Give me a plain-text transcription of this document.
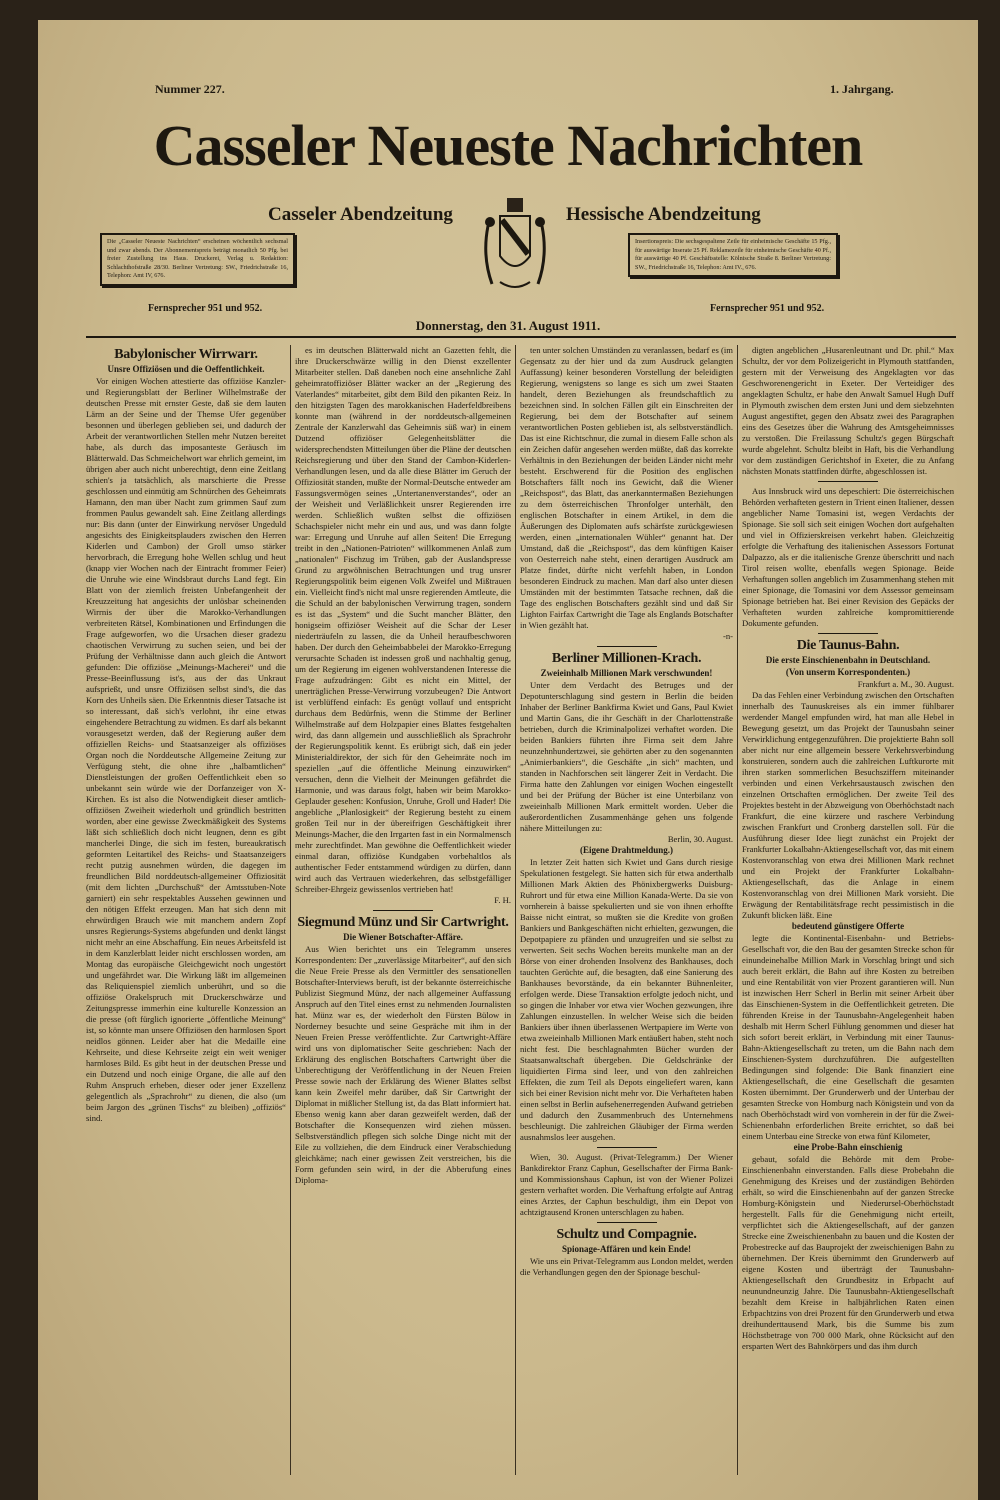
Nummer 227.	1. Jahrgang.
Casseler Neueste Nachrichten
Casseler Abendzeitung	Hessische Abendzeitung
Die „Casseler Neueste Nachrichten“ erscheinen wöchentlich sechsmal und zwar abends. Der Abonnementspreis beträgt monatlich 50 Pfg. bei freier Zustellung ins Haus. Druckerei, Verlag u. Redaktion: Schlachthofstraße 28/30. Berliner Vertretung: SW., Friedrichstraße 16, Telephon: Amt IV, 676.
Insertionspreis: Die sechsgespaltene Zeile für einheimische Geschäfte 15 Pfg., für auswärtige Inserate 25 Pf. Reklamezeile für einheimische Geschäfte 40 Pf., für auswärtige 40 Pf. Geschäftsstelle: Kölnische Straße 8. Berliner Vertretung: SW., Friedrichstraße 16, Telephon: Amt IV., 676.
Fernsprecher 951 und 952.	Fernsprecher 951 und 952.
Donnerstag, den 31. August 1911.
Babylonischer Wirrwarr.
Unsre Offiziösen und die Oeffentlichkeit.

Vor einigen Wochen attestierte das offiziöse Kanzler- und Regierungsblatt der Berliner Wilhelmstraße der deutschen Presse mit ernster Geste, daß sie dem lauten Lärm an der Seine und der Themse Ufer gegenüber besonnen und überlegen geblieben sei, und dadurch der Arbeit der verantwortlichen Stellen mehr Nutzen bereitet habe, als durch das imposanteste Geräusch im Blätterwald. Das Schmeichelwort war ehrlich gemeint, im übrigen aber auch nicht unberechtigt, denn eine Zeitlang schien's ja tatsächlich, als marschierte die Presse geschlossen und einmütig am Schnürchen des Geheimrats Hamann, den man über Nacht zum grimmen Sauf zum frommen Paulus gewandelt sah. Eine Zeitlang allerdings nur: Bis dann (unter der Einwirkung nervöser Ungeduld angesichts des Einigkeitsplauders zwischen den Herren Kiderlen und Cambon) der Groll umso stärker hervorbrach, die Erregung hohe Wellen schlug und heut (knapp vier Wochen nach der Eintracht frommer Feier) die Unruhe wie eine Windsbraut durchs Land fegt. Ein Blatt von der ziemlich freisten Unbefangenheit der Kreuzzeitung hat angesichts der unlösbar scheinenden Wirrnis der über die Marokko-Verhandlungen verbreiteten Rätsel, Kombinationen und Erfindungen die Frage aufgeworfen, wo die Ursachen dieser gradezu chaotischen Verwirrung zu suchen seien, und bei der Prüfung der Verhältnisse dann auch gleich die Antwort gefunden: Die offiziöse „Meinungs-Macherei“ und die Presse-Beeinflussung ist's, aus der das Unkraut aufsprießt, und unsre Offiziösen selbst sind's, die das Korn des Unheils säen. Die Erkenntnis dieser Tatsache ist so interessant, daß sich's verlohnt, ihr eine etwas eingehendere Betrachtung zu widmen. Es darf als bekannt vorausgesetzt werden, daß der Regierung außer dem offiziellen Reichs- und Staatsanzeiger als offiziöses Organ noch die Norddeutsche Allgemeine Zeitung zur Verfügung steht, die ohne ihre „halbamtlichen“ Dienstleistungen der großen Oeffentlichkeit eben so unbekannt sein würde wie der Dorfanzeiger von X-Kirchen. Es ist also die Notwendigkeit dieser amtlich-offiziösen Zweiheit wiederholt und gründlich bestritten worden, aber eine gewisse Zweckmäßigkeit des Systems läßt sich schließlich doch nicht leugnen, denn es gibt mancherlei Dinge, die sich im festen, bureaukratisch geformten Leitartikel des Reichs- und Staatsanzeigers recht putzig ausnehmen würden, die dagegen im freundlichen Bild norddeutsch-allgemeiner Offiziosität (mit dem lichten „Durchschuß“ der Amtsstuben-Note garniert) ein sehr respektables Aussehen gewinnen und den nötigen Effekt erzeugen. Man hat sich denn mit ehrwürdigen Brauch wie mit manchem andern Zopf unsres Regierungs-Systems abgefunden und denkt längst nicht mehr an eine Abschaffung. Ein neues Arbeitsfeld ist in dem Kanzlerblatt leider nicht erschlossen worden, am Montag das europäische Gleichgewicht noch ungestört und ungefährdet war. Die Wirkung läßt im allgemeinen das Reliquienspiel ziemlich unberührt, und so die offiziöse Orakelspruch mit Druckerschwärze und Zeitungspresse immerhin eine kulturelle Konzession an die presse (oft fürglich ignorierte „öffentliche Meinung“ ist, so könnte man unsere Offiziösen den harmlosen Sport neidlos gönnen. Leider aber hat die Medaille eine Kehrseite, und diese Kehrseite zeigt ein weit weniger harmloses Bild. Es gibt heut in der deutschen Presse und ein Dutzend und noch einige Organe, die alle auf den Ruhm Anspruch erheben, dieser oder jener Exzellenz gelegentlich als „Sprachrohr“ zu dienen, die also (um beim Jargon des „grünen Tischs“ zu bleiben) „offiziös“ sind.

es im deutschen Blätterwald nicht an Gazetten fehlt, die ihre Druckerschwärze willig in den Dienst exzellenter Mitarbeiter stellen. Daß daneben noch eine ansehnliche Zahl geheimratoffiziöser Blätter wacker an der „Regierung des Vaterlandes“ mitarbeitet, gibt dem Bild den pikanten Reiz. In den hitzigsten Tagen des marokkanischen Haderfeldbreibens konnte man (während in der norddeutsch-allgemeinen Zentrale der Kanzlerwahl das Geheimnis süß war) in einem Dutzend offiziöser Gelegenheitsblätter die widersprechendsten Mitteilungen über die Pläne der deutschen Reichsregierung und über den Stand der Cambon-Kiderlen-Verhandlungen lesen, und da alle diese Blätter im Geruch der Offiziosität standen, mußte der Normal-Deutsche entweder am Fassungsvermögen seines „Untertanenverstandes“, oder an der Weisheit und Verläßlichkeit unsrer Regierenden irre werden. Schließlich wußten selbst die offiziösen Schachspieler nicht mehr ein und aus, und was dann folgte war: Erregung und Unruhe auf allen Seiten! Die Erregung treibt in den „Nationen-Patrioten“ willkommenen Anlaß zum „nationalen“ Fischzug im Trüben, gab der Auslandspresse Grund zu argwöhnischen Betrachtungen und trug unsrer Regierungspolitik beim eigenen Volk Zweifel und Mißtrauen ein. Vielleicht find's nicht mal unsre regierenden Amtleute, die die Schuld an der babylonischen Verwirrung tragen, sondern es ist das „System“ und die Sucht mancher Blätter, den honigseim offiziöser Weisheit auf die Schar der Leser niederträufeln zu lassen, die da Unheil heraufbeschworen haben. Der durch den Geheimbabbelei der Marokko-Erregung verursachte Schaden ist indessen groß und nachhaltig genug, um der Regierung im eigenen wohlverstandenen Interesse die Frage aufzudrängen: Gibt es nicht ein Mittel, der unerträglichen Presse-Verwirrung vorzubeugen? Die Antwort ist verblüffend einfach: Es genügt vollauf und entspricht durchaus dem Bedürfnis, wenn die Stimme der Berliner Wilhelmstraße auf dem Holzpapier eines Blattes festgehalten wird, das dann allgemein und ausschließlich als Sprachrohr der Regierungspolitik kennt. Es erübrigt sich, daß ein jeder Ministerialdirektor, der sich für den Geheimräte noch im speziellen „auf die öffentliche Meinung einzuwirken“ versuchen, denn die Vielheit der Meinungen gefährdet die Harmonie, und was daraus folgt, haben wir beim Marokko-Geplauder gesehen: Konfusion, Unruhe, Groll und Hader! Die angebliche „Planlosigkeit“ der Regierung besteht zu einem großen Teil nur in der übereifrigen Geschäftigkeit ihrer Meinungs-Macher, die den Irrgarten fast in ein Normalmensch mehr zurechtfindet. Man gewöhne die Oeffentlichkeit wieder einmal daran, offiziöse Kundgaben vorbehaltlos als authentischer Feder entstammend würdigen zu dürfen, dann wird auch das Vertrauen wiederkehren, das selbstgefälliger Schreiber-Ehrgeiz gewissenlos vertrieben hat!

F. H.
Siegmund Münz und Sir Cartwright.
Die Wiener Botschafter-Affäre.

Aus Wien berichtet uns ein Telegramm unseres Korrespondenten: Der „zuverlässige Mitarbeiter“, auf den sich die Neue Freie Presse als den Vermittler des sensationellen Botschafter-Interviews beruft, ist der bekannte österreichische Publizist Siegmund Münz, der nach allgemeiner Auffassung Anspruch auf den Titel eines ernst zu nehmenden Journalisten hat. Münz war es, der wiederholt den Fürsten Bülow in Norderney besuchte und seine Gespräche mit ihm in der Neuen Freien Presse veröffentlichte. Zur Cartwright-Affäre wird uns von diplomatischer Seite geschrieben: Nach der Erklärung des englischen Botschafters Cartwright über die Unberechtigung der Veröffentlichung in der Neuen Freien Presse sowie nach der Erklärung des Wiener Blattes selbst kann kein Zweifel mehr darüber, daß Sir Cartwright der Diplomat in mißlicher Stellung ist, da das Blatt informiert hat. Ebenso wenig kann aber daran gezweifelt werden, daß der Botschafter die Konsequenzen wird ziehen müssen. Selbstverständlich pflegen sich solche Dinge nicht mit der Eile zu vollziehen, die dem Eindruck einer Verabschiedung gleichkäme; nach einer gewissen Zeit verstreichen, bis die Form gefunden sein wird, in der die Abberufung eines Diploma-

ten unter solchen Umständen zu veranlassen, bedarf es (im Gegensatz zu der hier und da zum Ausdruck gelangten Auffassung) keiner besonderen Vorstellung der beleidigten Regierung, wenigstens so lange es sich um zwei Staaten handelt, deren Beziehungen als freundschaftlich zu bezeichnen sind. In solchen Fällen gilt ein Einschreiten der Regierung, bei dem der Botschafter auf seinem verantwortlichen Posten geblieben ist, als selbstverständlich. Das ist eine Richtschnur, die zumal in diesem Falle schon als ein Zeichen dafür angesehen werden müßte, daß das korrekte Verhältnis in den Beziehungen der beiden Länder nicht mehr besteht. Erschwerend für die Position des englischen Botschafters fällt noch ins Gewicht, daß die Wiener „Reichspost“, das Blatt, das anerkanntermaßen Beziehungen zu dem österreichischen Thronfolger unterhält, den englischen Botschafter in einem Artikel, in dem die Äußerungen des Diplomaten aufs schärfste zurückgewiesen werden, einen „internationalen Wühler“ genannt hat. Der Umstand, daß die „Reichspost“, das dem künftigen Kaiser von Oesterreich nahe steht, einen derartigen Ausdruck am Platze findet, dürfte nicht verfehlt haben, in London besonderen Eindruck zu machen. Man darf also unter diesen Umständen mit der bestimmten Tatsache rechnen, daß die Tage des englischen Botschafters gezählt sind und daß Sir Lighton Fairfax Cartwright die Tage als Englands Botschafter in Wien gezählt hat.

-n-
Berliner Millionen-Krach.
Zweieinhalb Millionen Mark verschwunden!

Unter dem Verdacht des Betruges und der Depotunterschlagung sind gestern in Berlin die beiden Inhaber der Berliner Bankfirma Kwiet und Gans, Paul Kwiet und Martin Gans, die ihr Geschäft in der Charlottenstraße betrieben, durch die Kriminalpolizei verhaftet worden. Die beiden Bankiers führten ihre Firma seit dem Jahre neunzehnhundertzwei, sie gehörten aber zu den sogenannten „Animierbankiers“, die Geschäfte „in sich“ machten, und standen in Nachforschen seit längerer Zeit in Verdacht. Die Firma hatte den Zahlungen vor einigen Wochen eingestellt und bei der Prüfung der Bücher ist eine Unterbilanz von zweieinhalb Millionen Mark ermittelt worden. Ueber die außerordentlichen Zusammenhänge gehen uns folgende nähere Mitteilungen zu:

Berlin, 30. August.
(Eigene Drahtmeldung.)

In letzter Zeit hatten sich Kwiet und Gans durch riesige Spekulationen festgelegt. Sie hatten sich für etwa anderthalb Millionen Mark Aktien des Phönixbergwerks Duisburg-Ruhrort und für etwa eine Million Kanada-Werte. Da sie von vornherein à baisse spekulierten und sie von ihnen erhoffte Baisse nicht eintrat, so mußten sie die Kredite von großen Bankiers und Bankgeschäften nicht erhielten, gezwungen, die Depotpapiere zu pfänden und unzugreifen und sie selbst zu verwerten. Seit sechs Wochen bereits munkelte man an der Börse von einer drohenden Insolvenz des Bankhauses, doch tauchten Gerüchte auf, die besagten, daß eine Sanierung des Bankhauses bevorstände, da ein bekannter Bühnenleiter, erfolgen werde. Diese Transaktion erfolgte jedoch nicht, und so gingen die Inhaber vor etwa vier Wochen gezwungen, ihre Zahlungen einzustellen. In welcher Weise sich die beiden Bankiers über ihnen überlassenen Wertpapiere im Werte von etwa zweieinhalb Millionen Mark entäußert haben, steht noch nicht fest. Die beschlagnahmten Bücher wurden der Staatsanwaltschaft übergeben. Die Geldschränke der liquidierten Firma sind leer, und von den zahlreichen Effekten, die zum Teil als Depots eingeliefert waren, kann sich bei einer Revision nicht mehr vor. Die Verhafteten haben einen selbst in Berlin aufsehenerregenden Aufwand getrieben und dadurch den Zusammenbruch des Unternehmens beschleunigt. Die zahlreichen Gläubiger der Firma werden ausnahmslos leer ausgehen.

Wien, 30. August. (Privat-Telegramm.) Der Wiener Bankdirektor Franz Caphun, Gesellschafter der Firma Bank- und Kommissionshaus Caphun, ist von der Wiener Polizei gestern verhaftet worden. Die Verhaftung erfolgte auf Antrag eines Arztes, der Caphun beschuldigt, ihm ein Depot von achtzigtausend Kronen unterschlagen zu haben.

Schultz und Compagnie.
Spionage-Affären und kein Ende!

Wie uns ein Privat-Telegramm aus London meldet, werden die Verhandlungen gegen den der Spionage beschul-

digten angeblichen „Husarenleutnant und Dr. phil.“ Max Schultz, der vor dem Polizeigericht in Plymouth stattfanden, gestern mit der Verweisung des Angeklagten vor das Geschworenengericht in Exeter. Der Verteidiger des angeklagten Schultz, er habe den Anwalt Samuel Hugh Duff in Plymouth zwischen dem ersten Juni und dem siebzehnten August angestiftet, gegen den Absatz zwei des Paragraphen eins des Gesetzes über die Wahrung des Amtsgeheimnisses zu verstoßen. Die Freilassung Schultz's gegen Bürgschaft wurde abgelehnt. Schultz bleibt in Haft, bis die Verhandlung vor dem zuständigen Gerichtshof in Exeter, die zu Anfang nächsten Monats stattfinden dürfte, abgeschlossen ist.

Aus Innsbruck wird uns depeschiert: Die österreichischen Behörden verhafteten gestern in Trient einen Italiener, dessen angeblicher Name Tomasini ist, wegen Verdachts der Spionage. Sie soll sich seit einigen Wochen dort aufgehalten und viel in Offizierskreisen verkehrt haben. Gleichzeitig erfolgte die Verhaftung des italienischen Assessors Fortunat Dalpazzo, als er die italienische Grenze überschritt und nach Tirol reisen wollte, ebenfalls wegen Spionage. Beide Verhaftungen sollen angeblich im Zusammenhang stehen mit einer Spionage, die Tomasini vor dem Assessor gemeinsam Spionage betrieben hat. Bei einer Revision des Gepäcks der Verhafteten wurden zahlreiche kompromittierende Dokumente gefunden.

Die Taunus-Bahn.
Die erste Einschienenbahn in Deutschland.
(Von unserm Korrespondenten.)
Frankfurt a. M., 30. August.

Da das Fehlen einer Verbindung zwischen den Ortschaften innerhalb des Taunuskreises als ein immer fühlbarer werdender Mangel empfunden wird, hat man alle Hebel in Bewegung gesetzt, um das Projekt der Taunusbahn seiner Verwirklichung entgegenzuführen. Die projektierte Bahn soll aber nicht nur eine allgemein bessere Verkehrsverbindung konstruieren, sondern auch die zahlreichen Luftkurorte mit ihren starken sommerlichen Besuchsziffern miteinander verbinden und einen Verkehrsaustausch zwischen den einzelnen Ortschaften ermöglichen. Der zweite Teil des Projektes besteht in der Abzweigung von Oberhöchstadt nach Frankfurt, die eine kürzere und raschere Verbindung zwischen Frankfurt und Cronberg darstellen soll. Für die Ausführung dieser Idee liegt zunächst ein Projekt der Frankfurter Lokalbahn-Aktiengesellschaft vor, das mit einem Kostenvoranschlag von etwa drei Millionen Mark rechnet und ein Projekt der Frankfurter Lokalbahn-Aktiengesellschaft, das die Anlage in einem Kostenvoranschlag von drei Millionen Mark vorsieht. Die Erwägung der Rentabilitätsfrage recht pessimistisch in die Zukunft blicken läßt. Eine

bedeutend günstigere Offerte

legte die Kontinental-Eisenbahn- und Betriebs-Gesellschaft vor, die den Bau der gesamten Strecke schon für einundeinehalbe Million Mark in Vorschlag bringt und sich auch bereit erklärt, die Bahn auf ihre Kosten zu betreiben und eine Rentabilität von vier Prozent garantieren will. Nun ist inzwischen Herr Scherl in Berlin mit seiner Arbeit über das Einschienen-System in die Oeffentlichkeit getreten. Die führenden Kreise in der Taunusbahn-Angelegenheit haben deshalb mit Herrn Scherl Fühlung genommen und dieser hat sich sofort bereit erklärt, in Verbindung mit einer Taunus-Bahn-Aktiengesellschaft zu treten, um die Bahn nach dem Einschienen-System durchzuführen. Die aufgestellten Bedingungen sind folgende: Die Bank finanziert eine Aktiengesellschaft, die eine Gesellschaft die gesamten Kosten übernimmt. Der Grunderwerb und der Unterbau der gesamten Strecke von Homburg nach Königstein und von da nach Oberhöchstadt wird von vornherein in der für die Zwei-Schienenbahn erforderlichen Breite errichtet, so daß bei einem Unterbau eine Strecke von etwa fünf Kilometer,

eine Probe-Bahn einschienig

gebaut, sofald die Behörde mit dem Probe-Einschienenbahn einverstanden. Falls diese Probebahn die Genehmigung des Kreises und der zuständigen Behörden erhält, so wird die Einschienenbahn auf der ganzen Strecke Homburg-Königstein und Niederursel-Oberhöchstadt hergestellt. Falls für die Genehmigung nicht erteilt, verpflichtet sich die Aktiengesellschaft, auf der ganzen Strecke eine Zweischienenbahn zu bauen und die Kosten der Probestrecke auf das Bauprojekt der zweischienigen Bahn zu übernehmen. Der Kreis übernimmt den Grunderwerb auf eigene Kosten und überträgt der Taunusbahn-Aktiengesellschaft den Grundbesitz in Erbpacht auf neunundneunzig Jahre. Die Taunusbahn-Aktiengesellschaft bezahlt dem Kreise in halbjährlichen Raten einen Erbpachtzins von drei Prozent für den Grunderwerb und etwa dreihunderttausend Mark, bis die Summe bis zum Höchstbetrage von 700 000 Mark, ohne Rücksicht auf den ersparten Wert des Bahnkörpers und das ihm durch
